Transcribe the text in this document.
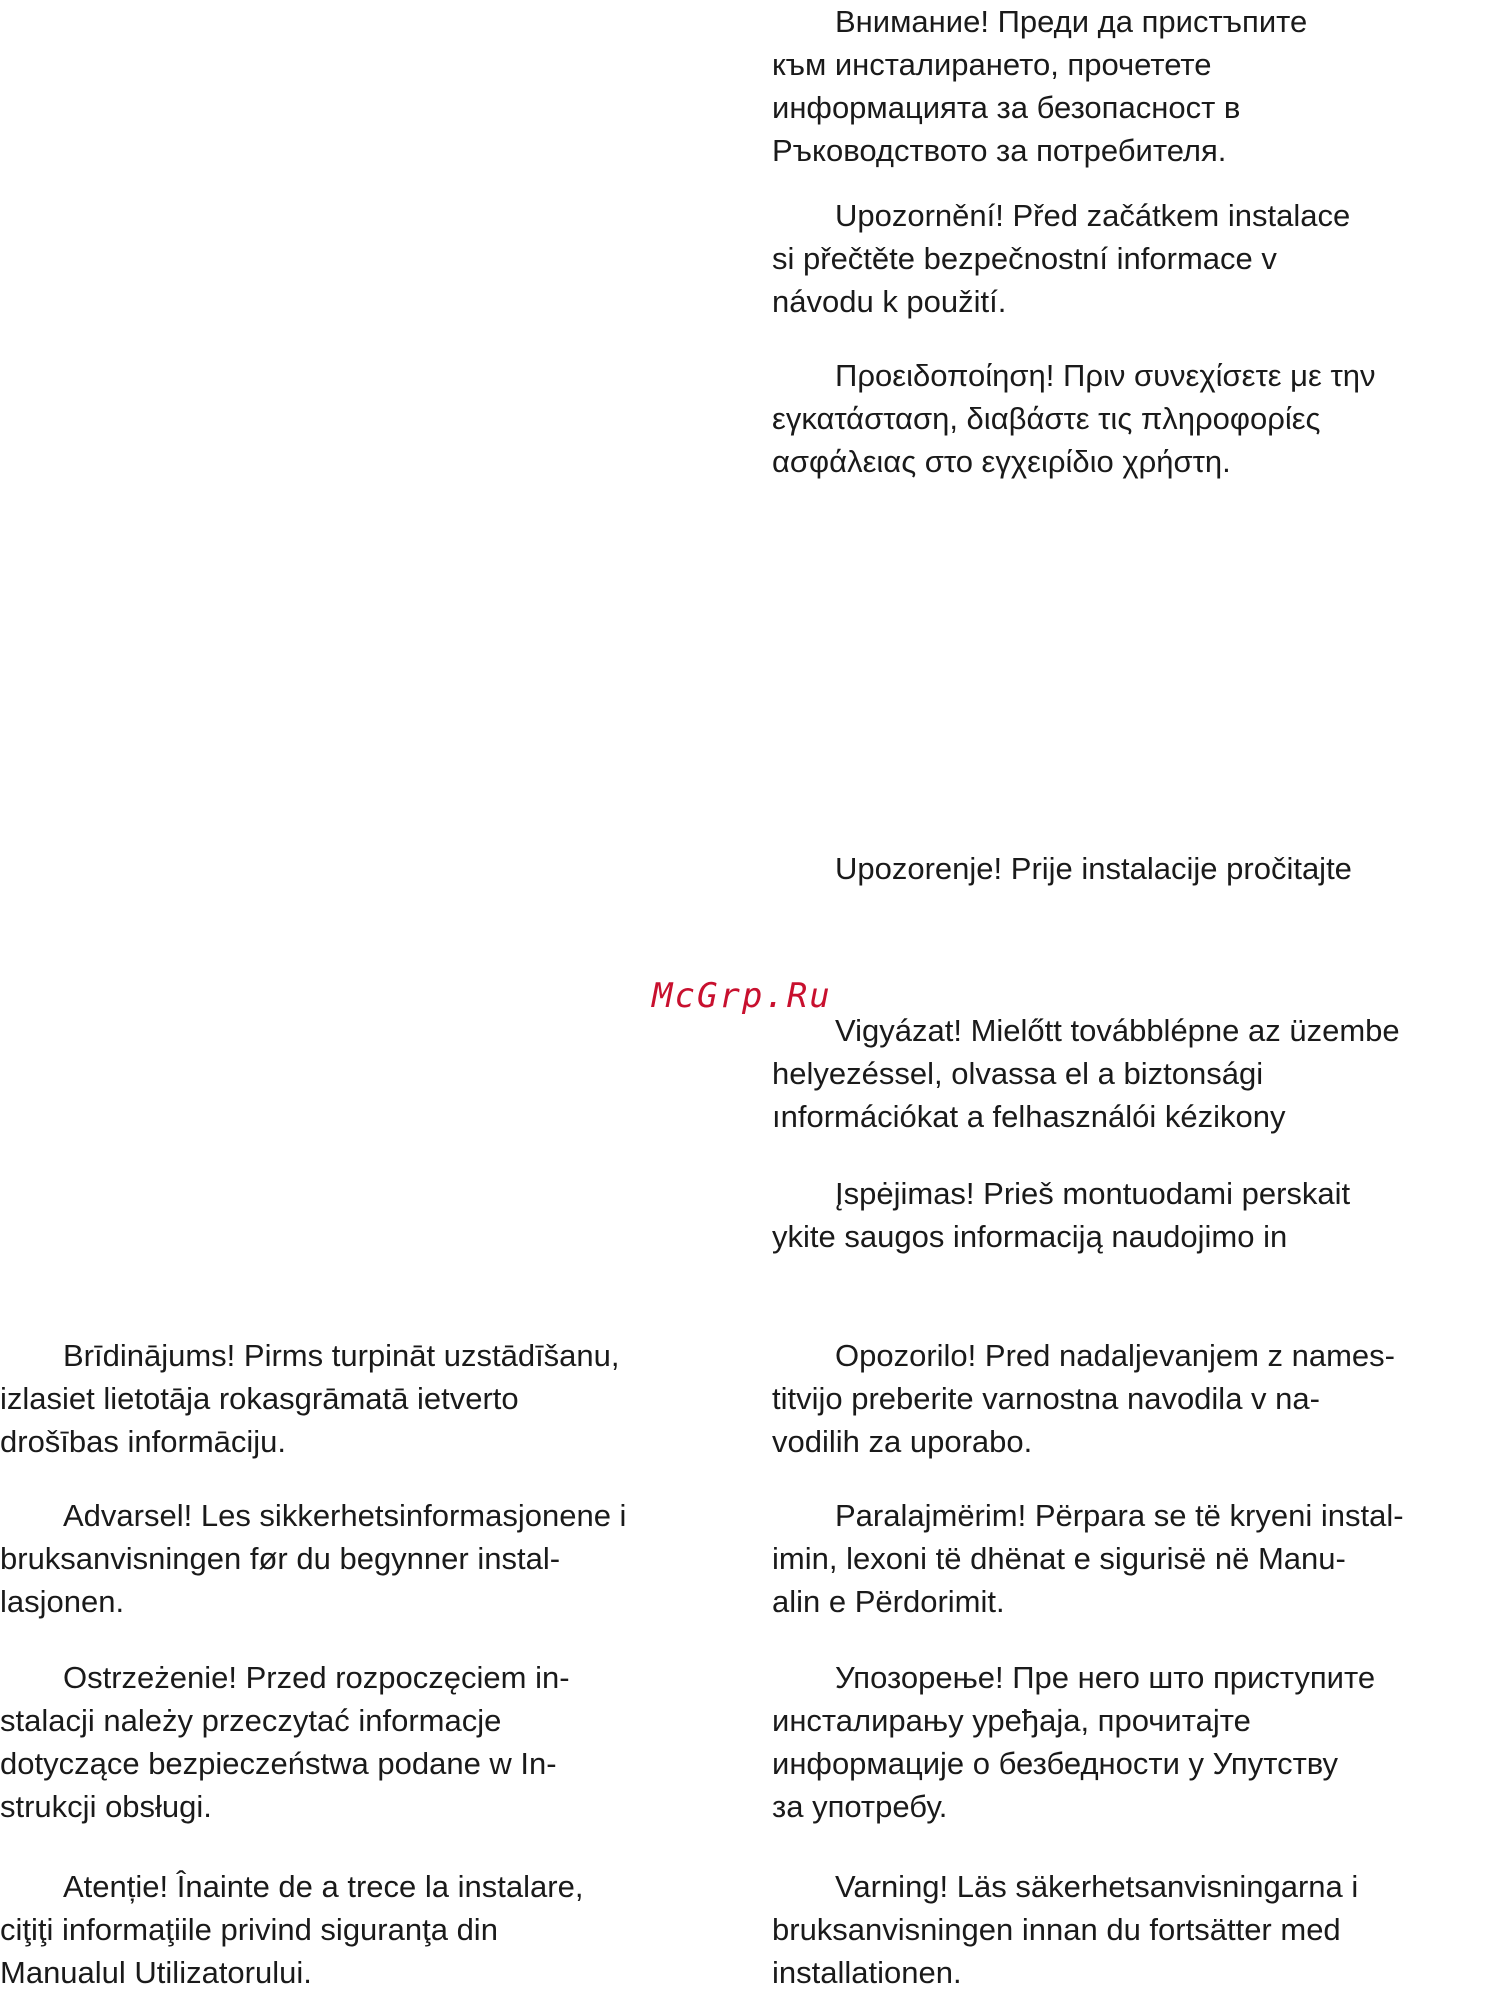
Внимание! Преди да пристъпите
към инсталирането, прочетете
информацията за безопасност в
Ръководството за потребителя.

Upozornění! Před začátkem instalace
si přečtěte bezpečnostní informace v
návodu k použití.

Προειδοποίηση! Πριν συνεχίσετε με την
εγκατάσταση, διαβάστε τις πληροφορίες
ασφάλειας στο εγχειρίδιο χρήστη.

Upozorenje! Prije instalacije pročitajte

McGrp.Ru

Vigyázat! Mielőtt továbblépne az üzembe
helyezéssel, olvassa el a biztonsági
ınformációkat a felhasználói kézikony

Įspėjimas! Prieš montuodami perskait
ykite saugos informaciją naudojimo in

Brīdinājums! Pirms turpināt uzstādīšanu,
izlasiet lietotāja rokasgrāmatā ietverto
drošības informāciju.

Advarsel! Les sikkerhetsinformasjonene i
bruksanvisningen før du begynner instal-
lasjonen.

Ostrzeżenie! Przed rozpoczęciem in-
stalacji należy przeczytać informacje
dotyczące bezpieczeństwa podane w In-
strukcji obsługi.

Atenție! Înainte de a trece la instalare,
ciţiţi informaţiile privind siguranţa din
Manualul Utilizatorului.

Opozorilo! Pred nadaljevanjem z names-
titvijo preberite varnostna navodila v na-
vodilih za uporabo.

Paralajmërim! Përpara se të kryeni instal-
imin, lexoni të dhënat e sigurisë në Manu-
alin e Përdorimit.

Упозорење! Пре него што приступите
инсталирању уређаја, прочитајте
информације о безбедности у Упутству
за употребу.

Varning! Läs säkerhetsanvisningarna i
bruksanvisningen innan du fortsätter med
installationen.
